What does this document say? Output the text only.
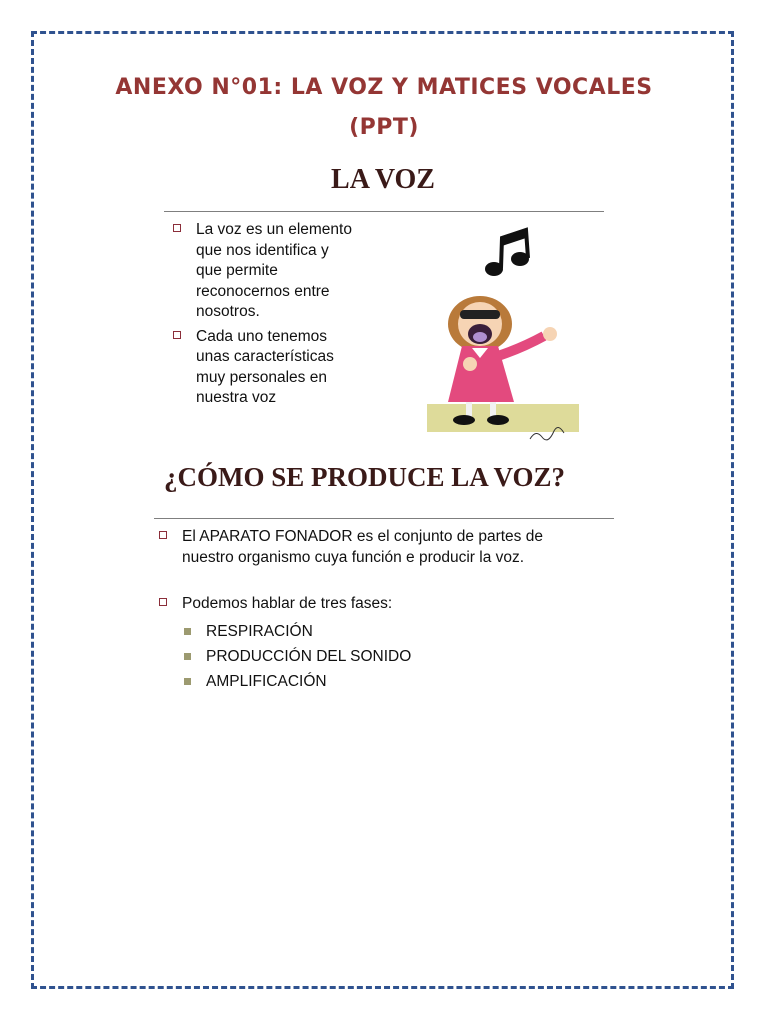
ANEXO N°01: LA VOZ Y MATICES VOCALES
(PPT)
LA VOZ
La voz es un elemento
que nos identifica y
que permite
reconocernos entre
nosotros.
Cada uno tenemos
unas características
muy personales en
nuestra voz
¿CÓMO SE PRODUCE LA VOZ?
El APARATO FONADOR es el conjunto de partes de
nuestro organismo cuya función e producir la voz.
Podemos hablar de tres fases:
RESPIRACIÓN
PRODUCCIÓN DEL SONIDO
AMPLIFICACIÓN
